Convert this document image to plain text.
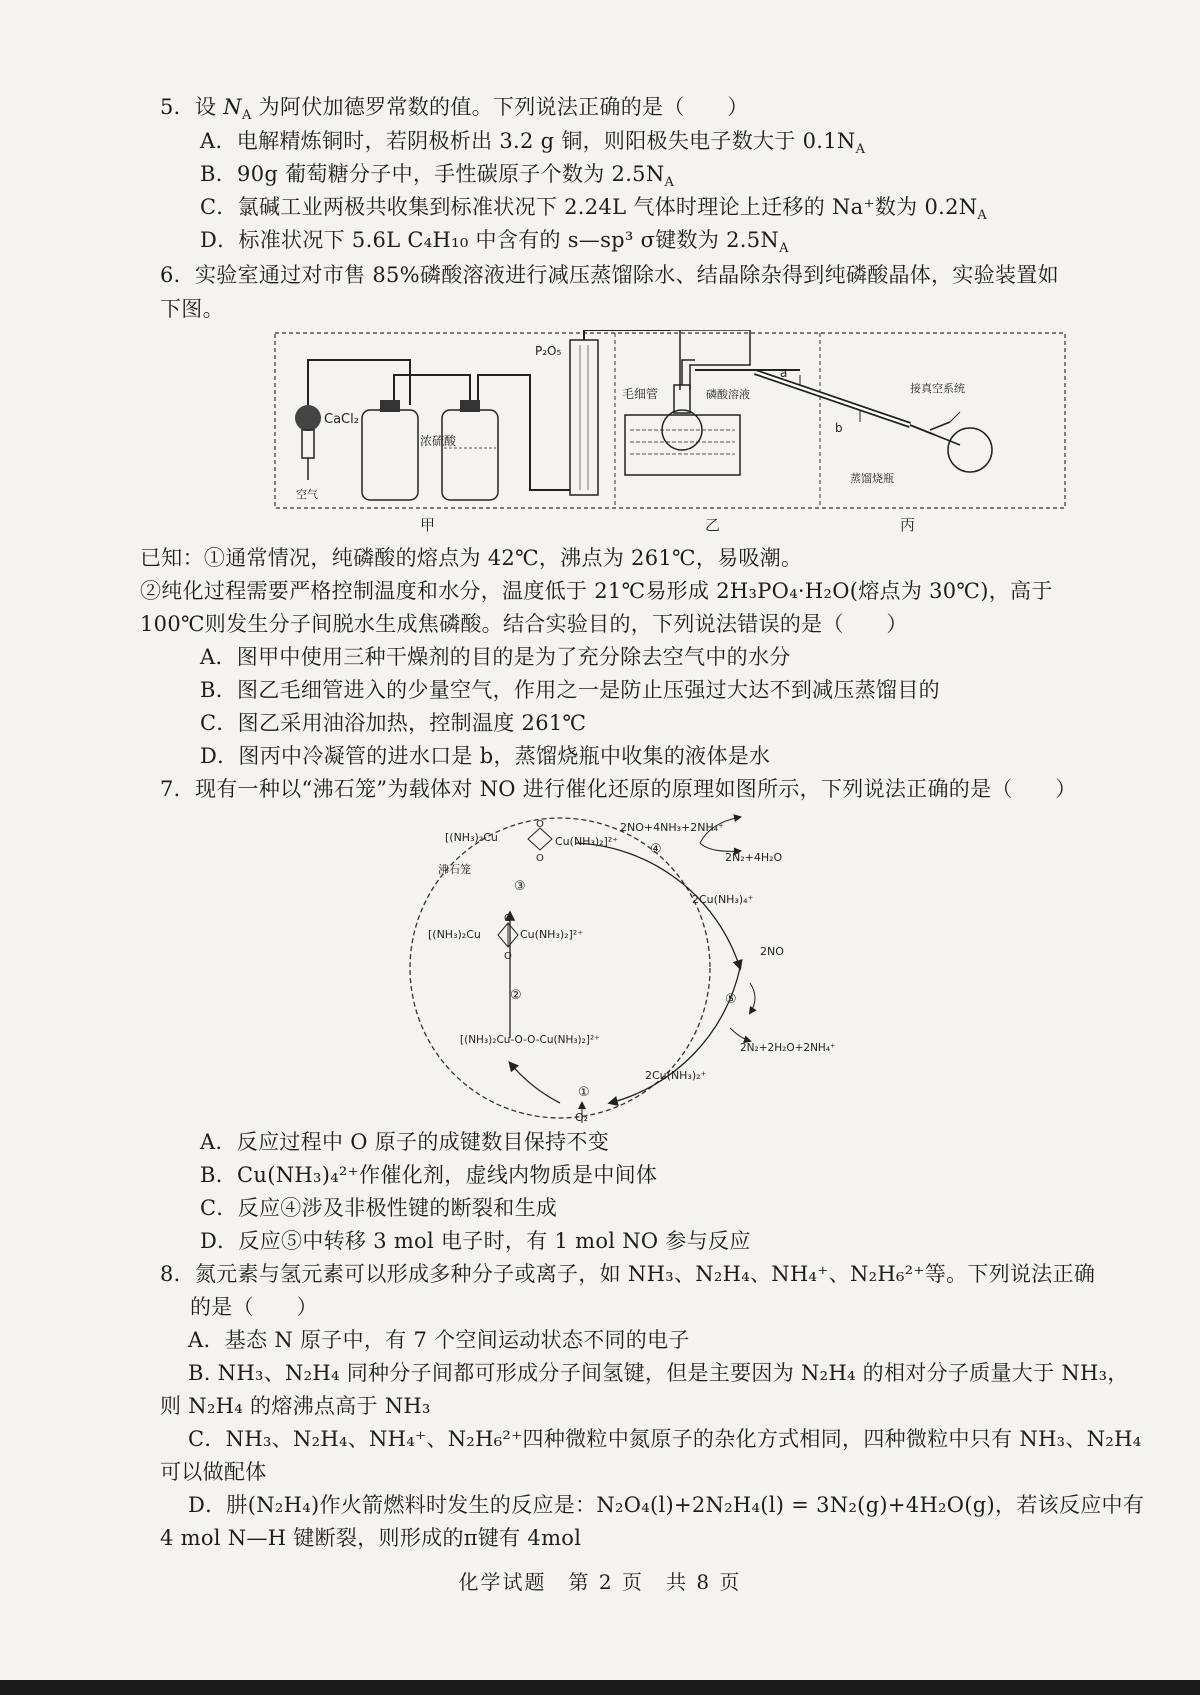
5．设 $N_A$ 为阿伏加德罗常数的值。下列说法正确的是（　　）
A．电解精炼铜时，若阴极析出 3.2 g 铜，则阳极失电子数大于 $0.1N_A$
B．90g 葡萄糖分子中，手性碳原子个数为 $2.5N_A$
C．氯碱工业两极共收集到标准状况下 2.24L 气体时理论上迁移的 Na⁺数为 $0.2N_A$
D．标准状况下 5.6L C₄H₁₀ 中含有的 s—sp³ σ键数为 $2.5N_A$
6．实验室通过对市售 85%磷酸溶液进行减压蒸馏除水、结晶除杂得到纯磷酸晶体，实验装置如
下图。
CaCl₂
空气
浓硫酸
P₂O₅
毛细管	磷酸溶液	接真空系统
蒸馏烧瓶
a
b
甲	乙	丙
已知：①通常情况，纯磷酸的熔点为 42℃，沸点为 261℃，易吸潮。
②纯化过程需要严格控制温度和水分，温度低于 21℃易形成 2H₃PO₄·H₂O(熔点为 30℃)，高于
100℃则发生分子间脱水生成焦磷酸。结合实验目的，下列说法错误的是（　　）
A．图甲中使用三种干燥剂的目的是为了充分除去空气中的水分
B．图乙毛细管进入的少量空气，作用之一是防止压强过大达不到减压蒸馏目的
C．图乙采用油浴加热，控制温度 261℃
D．图丙中冷凝管的进水口是 b，蒸馏烧瓶中收集的液体是水
7．现有一种以“沸石笼”为载体对 NO 进行催化还原的原理如图所示，下列说法正确的是（　　）
[(NH₃)₂Cu	Cu(NH₃)₂]²⁺
O
O
[(NH₃)₂Cu	Cu(NH₃)₂]²⁺
O
O
[(NH₃)₂Cu-O-O-Cu(NH₃)₂]²⁺
2NO+4NH₃+2NH₄⁺
2N₂+4H₂O
2Cu(NH₃)₄⁺
2NO
2N₂+2H₂O+2NH₄⁺
2Cu(NH₃)₂⁺
O₂
沸石笼
①
②
③
④
⑤
A．反应过程中 O 原子的成键数目保持不变
B．Cu(NH₃)₄²⁺作催化剂，虚线内物质是中间体
C．反应④涉及非极性键的断裂和生成
D．反应⑤中转移 3 mol 电子时，有 1 mol NO 参与反应
8．氮元素与氢元素可以形成多种分子或离子，如 NH₃、N₂H₄、NH₄⁺、N₂H₆²⁺等。下列说法正确
的是（　　）
A．基态 N 原子中，有 7 个空间运动状态不同的电子
B. NH₃、N₂H₄ 同种分子间都可形成分子间氢键，但是主要因为 N₂H₄ 的相对分子质量大于 NH₃，
则 N₂H₄ 的熔沸点高于 NH₃
C．NH₃、N₂H₄、NH₄⁺、N₂H₆²⁺四种微粒中氮原子的杂化方式相同，四种微粒中只有 NH₃、N₂H₄
可以做配体
D．肼(N₂H₄)作火箭燃料时发生的反应是：N₂O₄(l)+2N₂H₄(l) = 3N₂(g)+4H₂O(g)，若该反应中有
4 mol N—H 键断裂，则形成的π键有 4mol
化学试题　第 2 页　共 8 页
